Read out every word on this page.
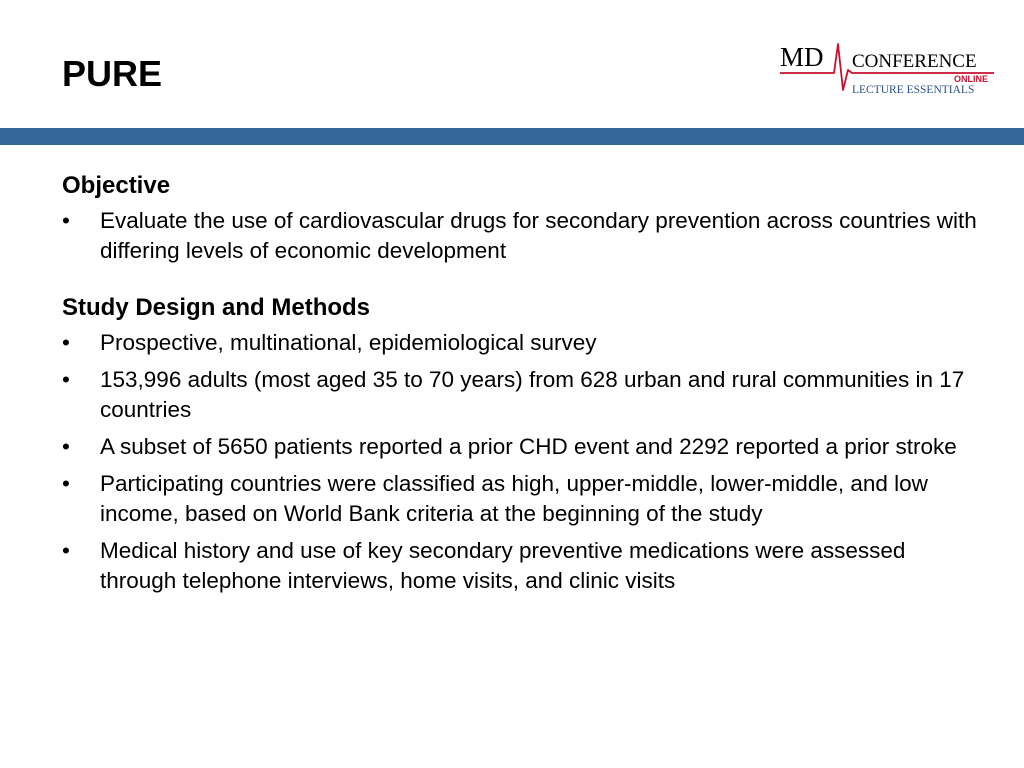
PURE	MD CONFERENCE
ONLINE
LECTURE ESSENTIALS
Objective
• Evaluate the use of cardiovascular drugs for secondary prevention across countries with differing levels of economic development
Study Design and Methods
• Prospective, multinational, epidemiological survey
• 153,996 adults (most aged 35 to 70 years) from 628 urban and rural communities in 17 countries
• A subset of 5650 patients reported a prior CHD event and 2292 reported a prior stroke
• Participating countries were classified as high, upper-middle, lower-middle, and low income, based on World Bank criteria at the beginning of the study
• Medical history and use of key secondary preventive medications were assessed through telephone interviews, home visits, and clinic visits
